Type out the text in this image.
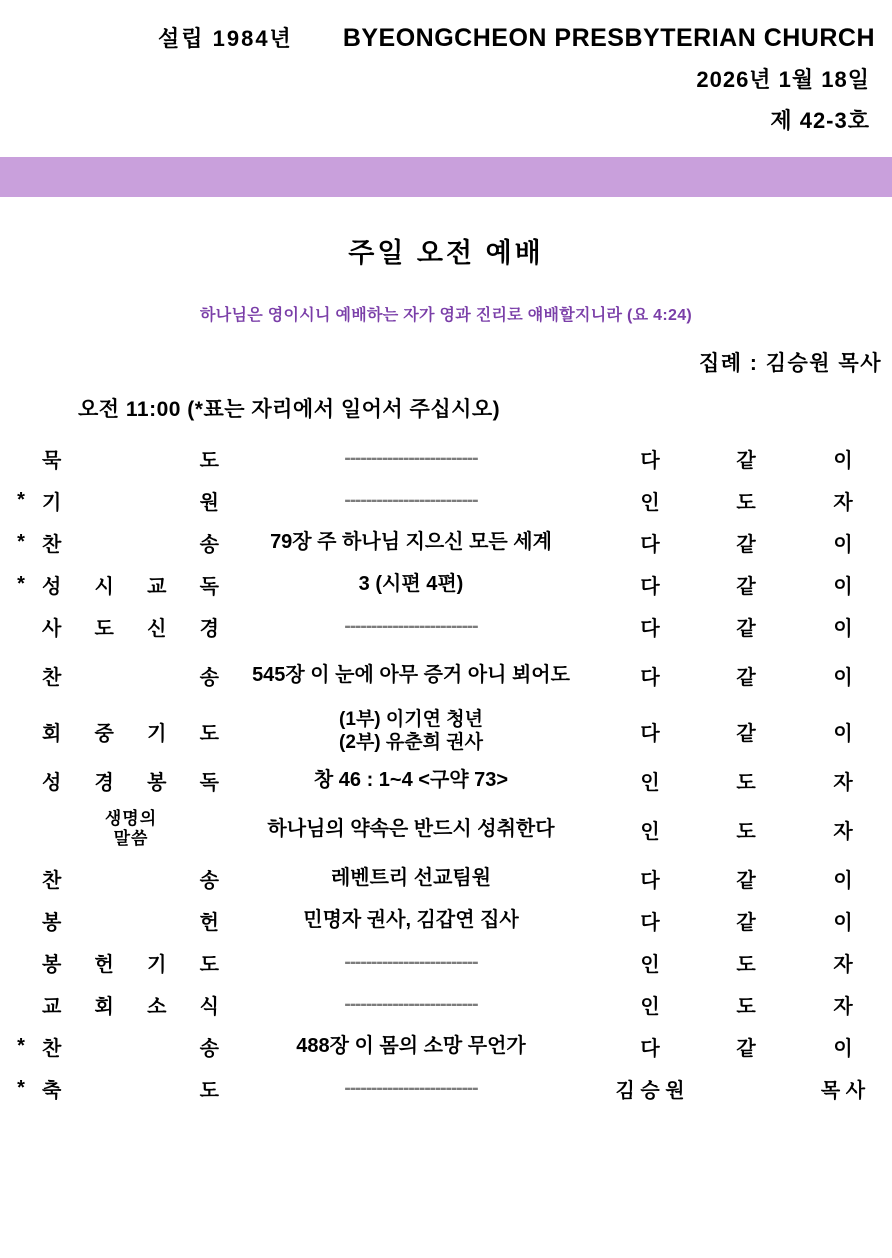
설립 1984년 BYEONGCHEON PRESBYTERIAN CHURCH
2026년 1월 18일
제 42-3호
주일 오전 예배
하나님은 영이시니 예배하는 자가 영과 진리로 얘배할지니라 (요 4:24)
집례 : 김승원 목사
오전 11:00 (*표는 자리에서 일어서 주십시오)
	묵 도	-------------------------	다	같	이
*	기 원	-------------------------	인	도	자
*	찬 송	79장 주 하나님 지으신 모든 세계	다	같	이
*	성 시 교 독	3 (시편 4편)	다	같	이
	사 도 신 경	-------------------------	다	같	이
	찬 송	545장 이 눈에 아무 증거 아니 뵈어도	다	같	이
	회 중 기 도	(1부) 이기연 청년
(2부) 유춘희 권사	다	같	이
	성 경 봉 독	창 46 : 1~4 <구약 73>	인	도	자
	생명의
말씀	하나님의 약속은 반드시 성취한다	인	도	자
	찬 송	레벤트리 선교팀원	다	같	이
	봉 헌	민명자 권사, 김갑연 집사	다	같	이
	봉 헌 기 도	-------------------------	인	도	자
	교 회 소 식	-------------------------	인	도	자
*	찬 송	488장 이 몸의 소망 무언가	다	같	이
*	축 도	-------------------------	김 승 원		목 사
